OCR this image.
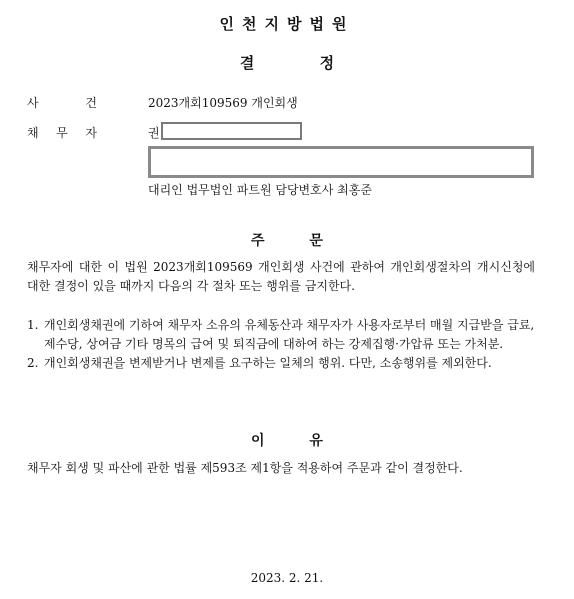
인천지방법원
결 정
사	건	2023개회109569 개인회생
채 무 자	권
대리인 법무법인 파트원 담당변호사 최홍준
주 문
채무자에 대한 이 법원 2023개회109569 개인회생 사건에 관하여 개인회생절차의 개시신청에 대한 결정이 있을 때까지 다음의 각 절차 또는 행위를 금지한다.
1. 개인회생채권에 기하여 채무자 소유의 유체동산과 채무자가 사용자로부터 매월 지급받을 급료, 제수당, 상여금 기타 명목의 급여 및 퇴직금에 대하여 하는 강제집행·가압류 또는 가처분.
2. 개인회생채권을 변제받거나 변제를 요구하는 일체의 행위. 다만, 소송행위를 제외한다.
이 유
채무자 회생 및 파산에 관한 법률 제593조 제1항을 적용하여 주문과 같이 결정한다.
2023. 2. 21.
